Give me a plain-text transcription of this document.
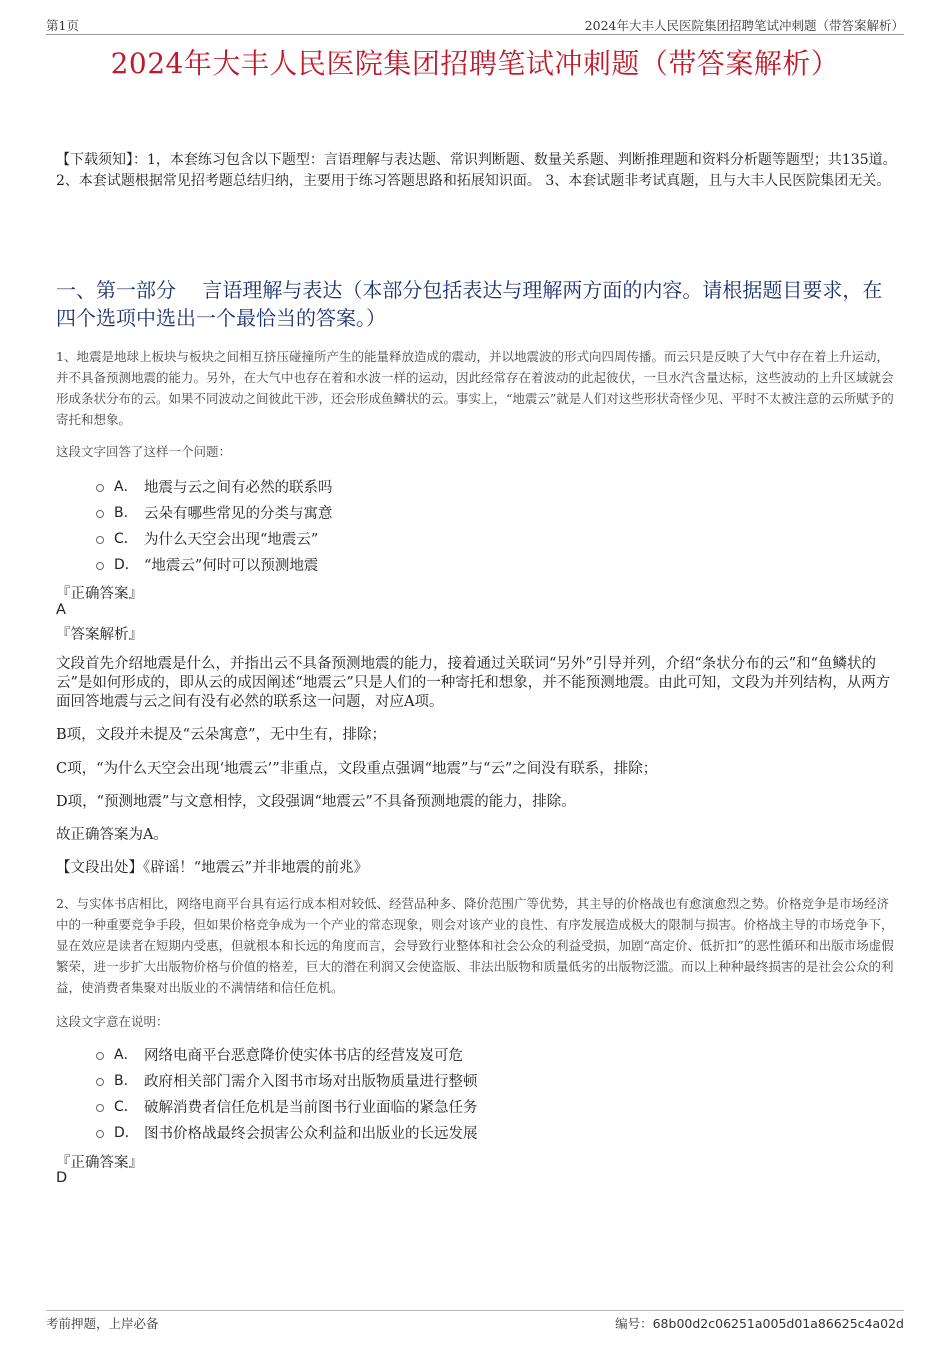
第1页	2024年大丰人民医院集团招聘笔试冲刺题（带答案解析）
2024年大丰人民医院集团招聘笔试冲刺题（带答案解析）
【下载须知】：1，本套练习包含以下题型：言语理解与表达题、常识判断题、数量关系题、判断推理题和资料分析题等题型；共135道。 2、本套试题根据常见招考题总结归纳，主要用于练习答题思路和拓展知识面。 3、本套试题非考试真题，且与大丰人民医院集团无关。
一、第一部分　 言语理解与表达（本部分包括表达与理解两方面的内容。请根据题目要求，在四个选项中选出一个最恰当的答案。）
1、地震是地球上板块与板块之间相互挤压碰撞所产生的能量释放造成的震动，并以地震波的形式向四周传播。而云只是反映了大气中存在着上升运动，并不具备预测地震的能力。另外，在大气中也存在着和水波一样的运动，因此经常存在着波动的此起彼伏，一旦水汽含量达标，这些波动的上升区域就会形成条状分布的云。如果不同波动之间彼此干涉，还会形成鱼鳞状的云。事实上，“地震云”就是人们对这些形状奇怪少见、平时不太被注意的云所赋予的寄托和想象。
这段文字回答了这样一个问题：
A． 地震与云之间有必然的联系吗
B． 云朵有哪些常见的分类与寓意
C． 为什么天空会出现“地震云”
D． “地震云”何时可以预测地震
『正确答案』
A
『答案解析』
文段首先介绍地震是什么，并指出云不具备预测地震的能力，接着通过关联词“另外”引导并列，介绍“条状分布的云”和“鱼鳞状的云”是如何形成的，即从云的成因阐述“地震云”只是人们的一种寄托和想象，并不能预测地震。由此可知，文段为并列结构，从两方面回答地震与云之间有没有必然的联系这一问题，对应A项。
B项，文段并未提及“云朵寓意”，无中生有，排除；
C项，“为什么天空会出现‘地震云’”非重点，文段重点强调“地震”与“云”之间没有联系，排除；
D项，“预测地震”与文意相悖，文段强调“地震云”不具备预测地震的能力，排除。
故正确答案为A。
【文段出处】《辟谣！“地震云”并非地震的前兆》
2、与实体书店相比，网络电商平台具有运行成本相对较低、经营品种多、降价范围广等优势，其主导的价格战也有愈演愈烈之势。价格竞争是市场经济中的一种重要竞争手段，但如果价格竞争成为一个产业的常态现象，则会对该产业的良性、有序发展造成极大的限制与损害。价格战主导的市场竞争下，显在效应是读者在短期内受惠，但就根本和长远的角度而言，会导致行业整体和社会公众的利益受损，加剧“高定价、低折扣”的恶性循环和出版市场虚假繁荣，进一步扩大出版物价格与价值的格差，巨大的潜在利润又会使盗版、非法出版物和质量低劣的出版物泛滥。而以上种种最终损害的是社会公众的利益，使消费者集聚对出版业的不满情绪和信任危机。
这段文字意在说明：
A． 网络电商平台恶意降价使实体书店的经营岌岌可危
B． 政府相关部门需介入图书市场对出版物质量进行整顿
C． 破解消费者信任危机是当前图书行业面临的紧急任务
D． 图书价格战最终会损害公众利益和出版业的长远发展
『正确答案』
D
考前押题，上岸必备	编号：68b00d2c06251a005d01a86625c4a02d
